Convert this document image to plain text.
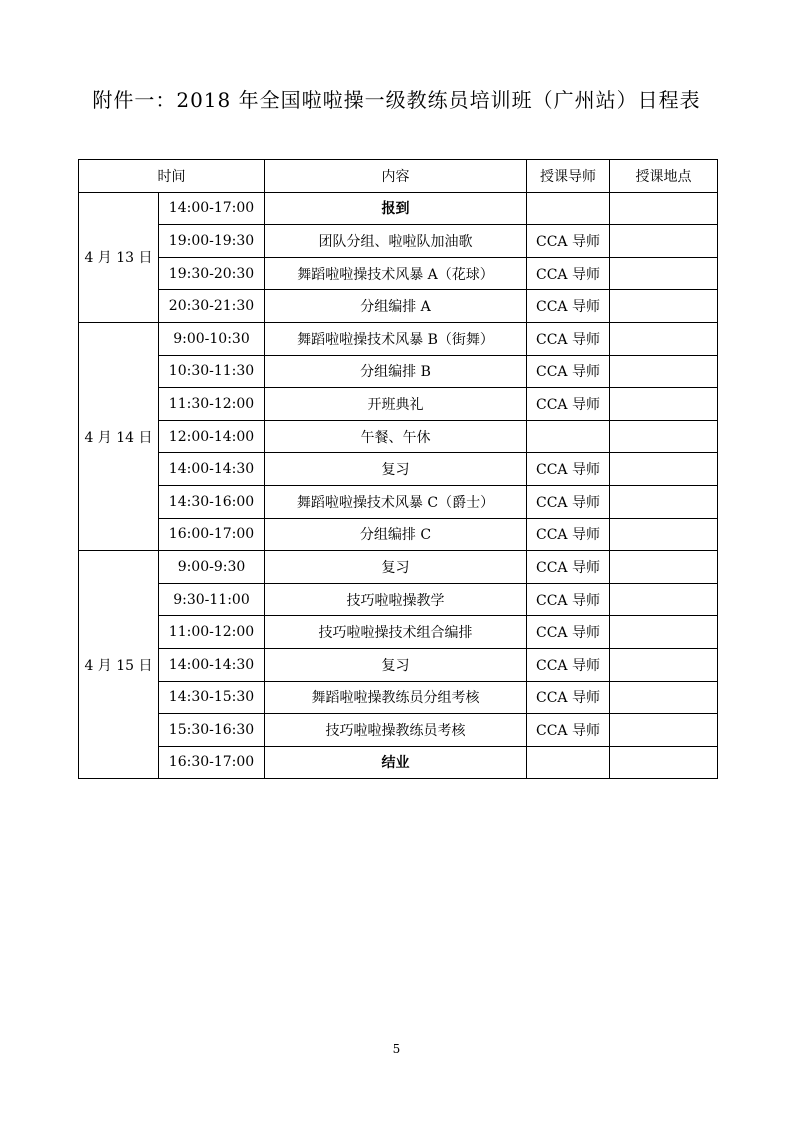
附件一：2018 年全国啦啦操一级教练员培训班（广州站）日程表
时间		内容	授课导师	授课地点
4 月 13 日	14:00-17:00	报到		
	19:00-19:30	团队分组、啦啦队加油歌	CCA 导师	
	19:30-20:30	舞蹈啦啦操技术风暴 A（花球）	CCA 导师	
	20:30-21:30	分组编排 A	CCA 导师	
4 月 14 日	9:00-10:30	舞蹈啦啦操技术风暴 B（街舞）	CCA 导师	
	10:30-11:30	分组编排 B	CCA 导师	
	11:30-12:00	开班典礼	CCA 导师	
	12:00-14:00	午餐、午休		
	14:00-14:30	复习	CCA 导师	
	14:30-16:00	舞蹈啦啦操技术风暴 C（爵士）	CCA 导师	
	16:00-17:00	分组编排 C	CCA 导师	
4 月 15 日	9:00-9:30	复习	CCA 导师	
	9:30-11:00	技巧啦啦操教学	CCA 导师	
	11:00-12:00	技巧啦啦操技术组合编排	CCA 导师	
	14:00-14:30	复习	CCA 导师	
	14:30-15:30	舞蹈啦啦操教练员分组考核	CCA 导师	
	15:30-16:30	技巧啦啦操教练员考核	CCA 导师	
	16:30-17:00	结业		
5
